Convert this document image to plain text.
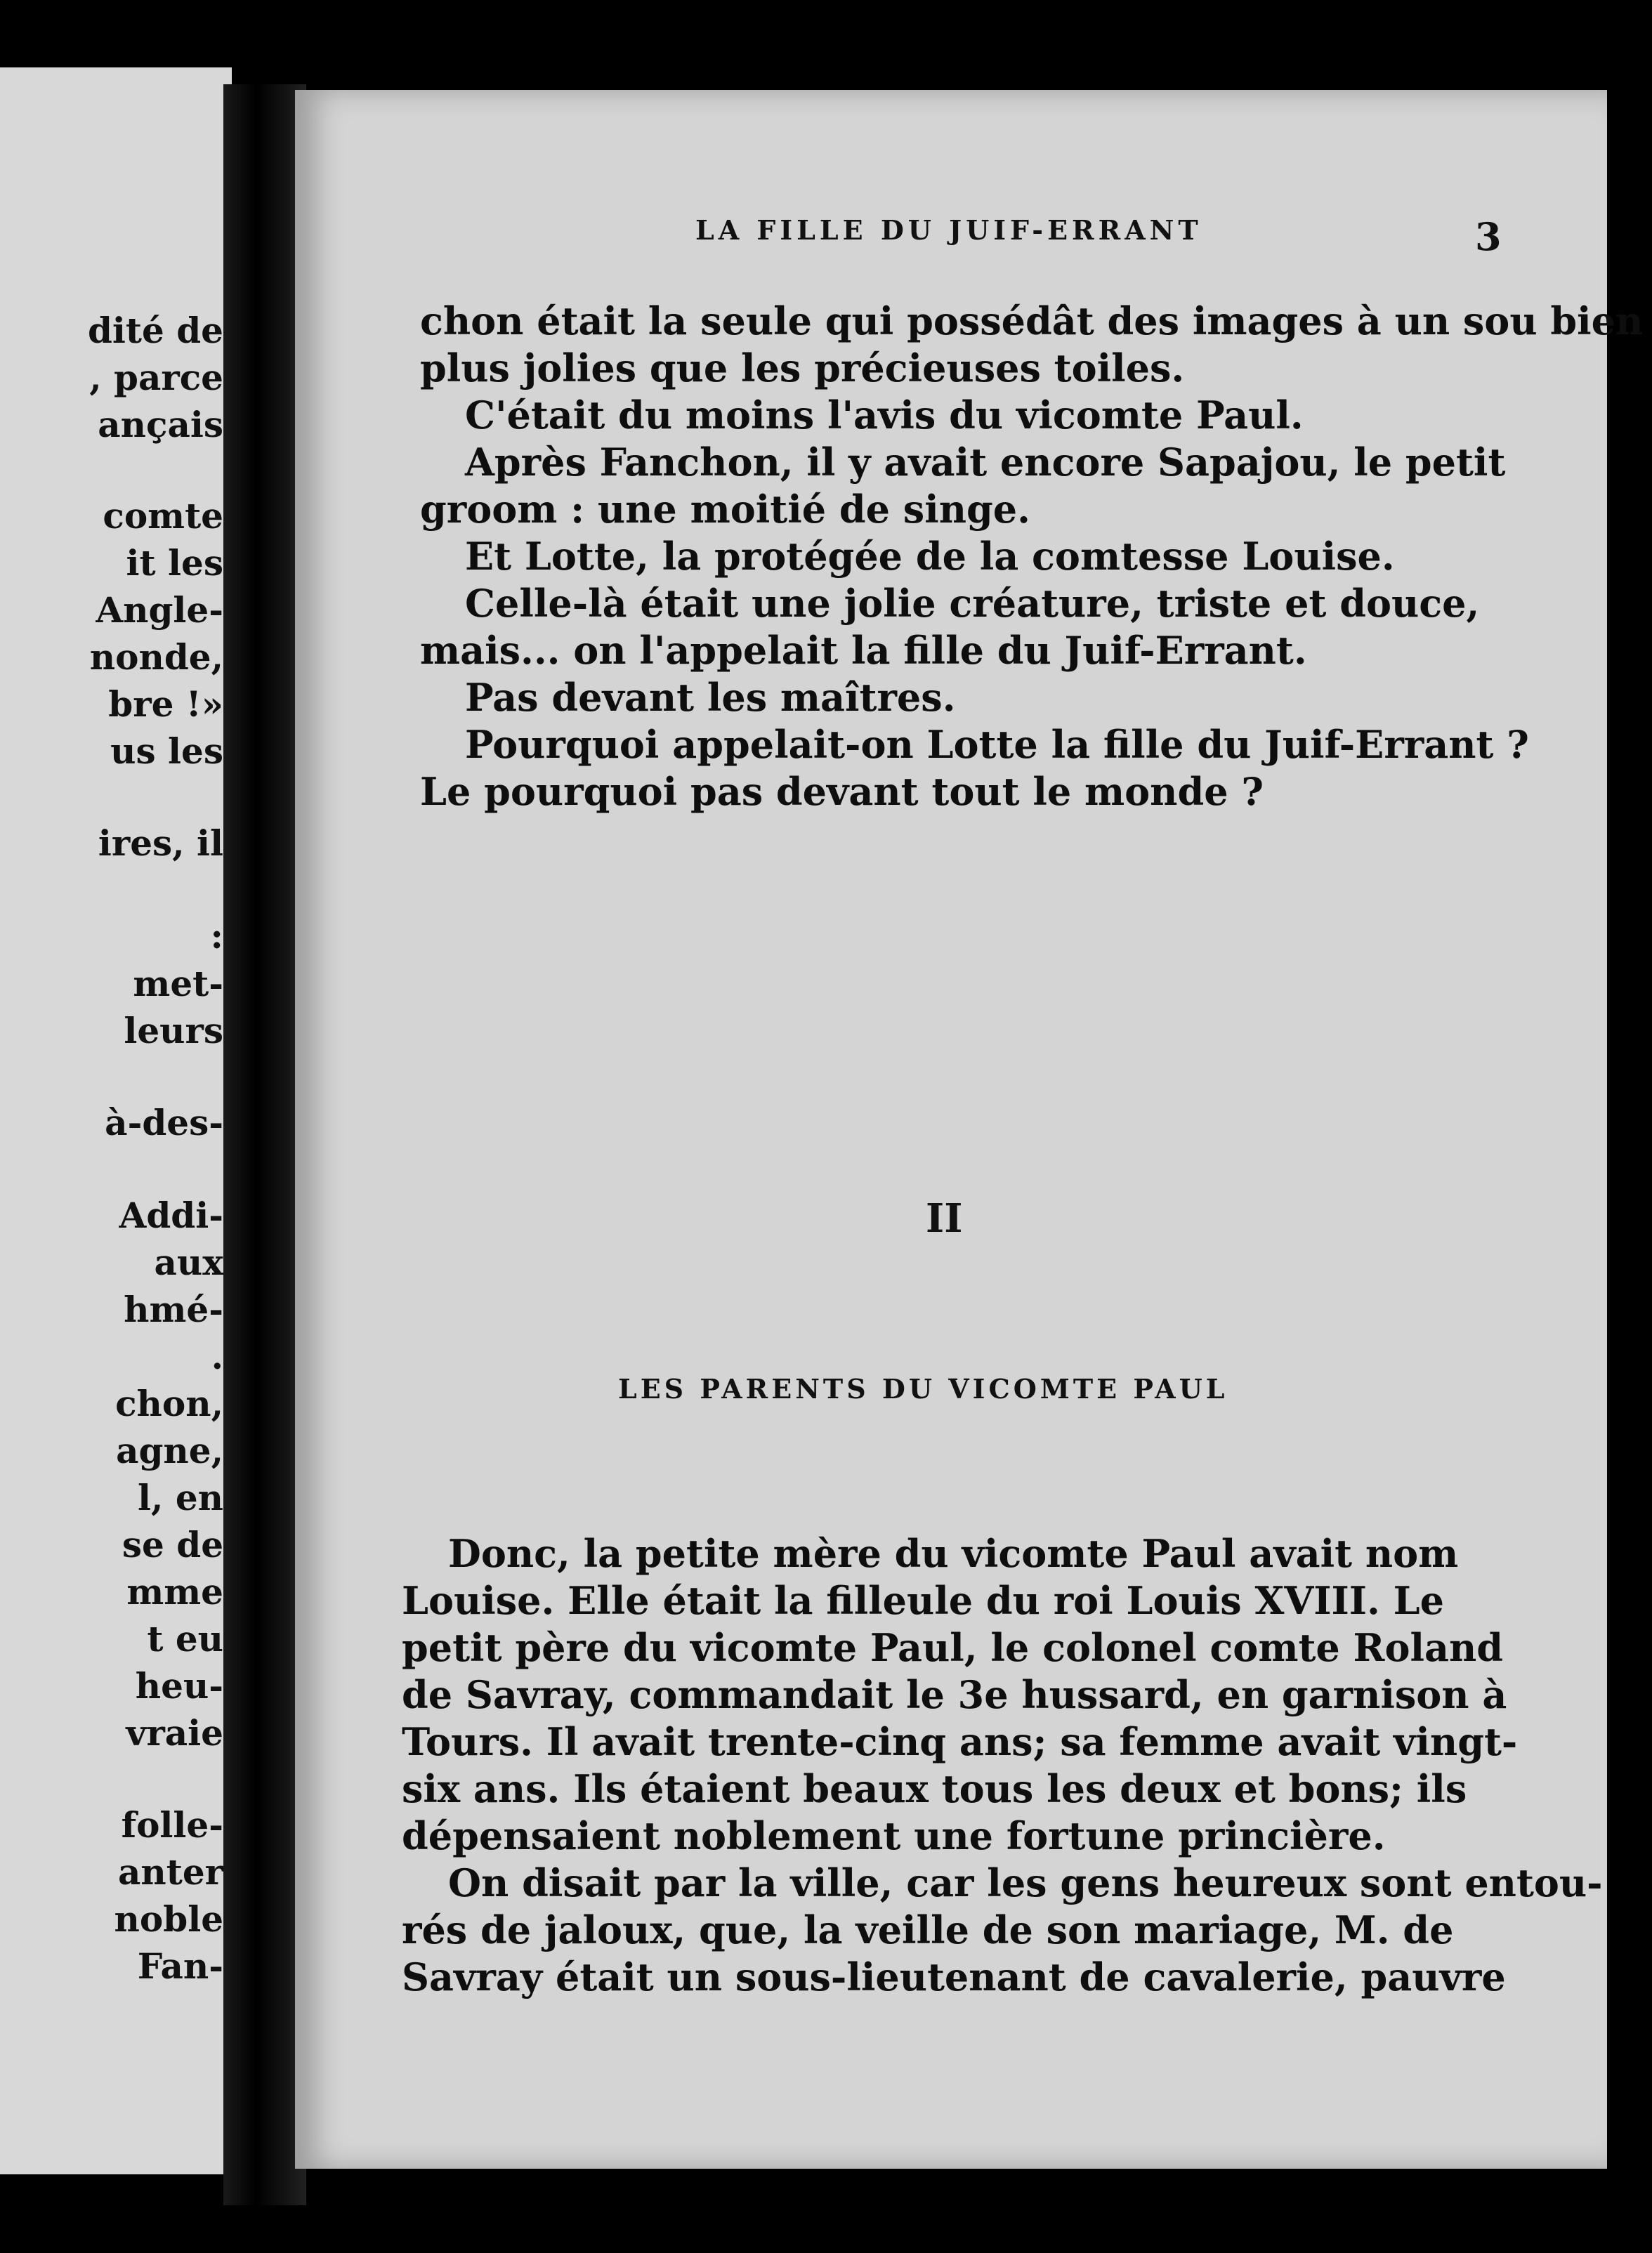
dité de
, parce
ançais
comte
it les
Angle-
nonde,
bre !»
us les
ires, il
:
met-
leurs
à-des-
Addi-
aux
hmé-
.
chon,
agne,
l, en
se de
mme
t eu
heu-
vraie
folle-
anter
noble
Fan-
LA FILLE DU JUIF-ERRANT	3
chon était la seule qui possédât des images à un sou bien
plus jolies que les précieuses toiles.
C'était du moins l'avis du vicomte Paul.
Après Fanchon, il y avait encore Sapajou, le petit
groom : une moitié de singe.
Et Lotte, la protégée de la comtesse Louise.
Celle-là était une jolie créature, triste et douce,
mais... on l'appelait la fille du Juif-Errant.
Pas devant les maîtres.
Pourquoi appelait-on Lotte la fille du Juif-Errant ?
Le pourquoi pas devant tout le monde ?
II
LES PARENTS DU VICOMTE PAUL
Donc, la petite mère du vicomte Paul avait nom
Louise. Elle était la filleule du roi Louis XVIII. Le
petit père du vicomte Paul, le colonel comte Roland
de Savray, commandait le 3e hussard, en garnison à
Tours. Il avait trente-cinq ans; sa femme avait vingt-
six ans. Ils étaient beaux tous les deux et bons; ils
dépensaient noblement une fortune princière.
On disait par la ville, car les gens heureux sont entou-
rés de jaloux, que, la veille de son mariage, M. de
Savray était un sous-lieutenant de cavalerie, pauvre
